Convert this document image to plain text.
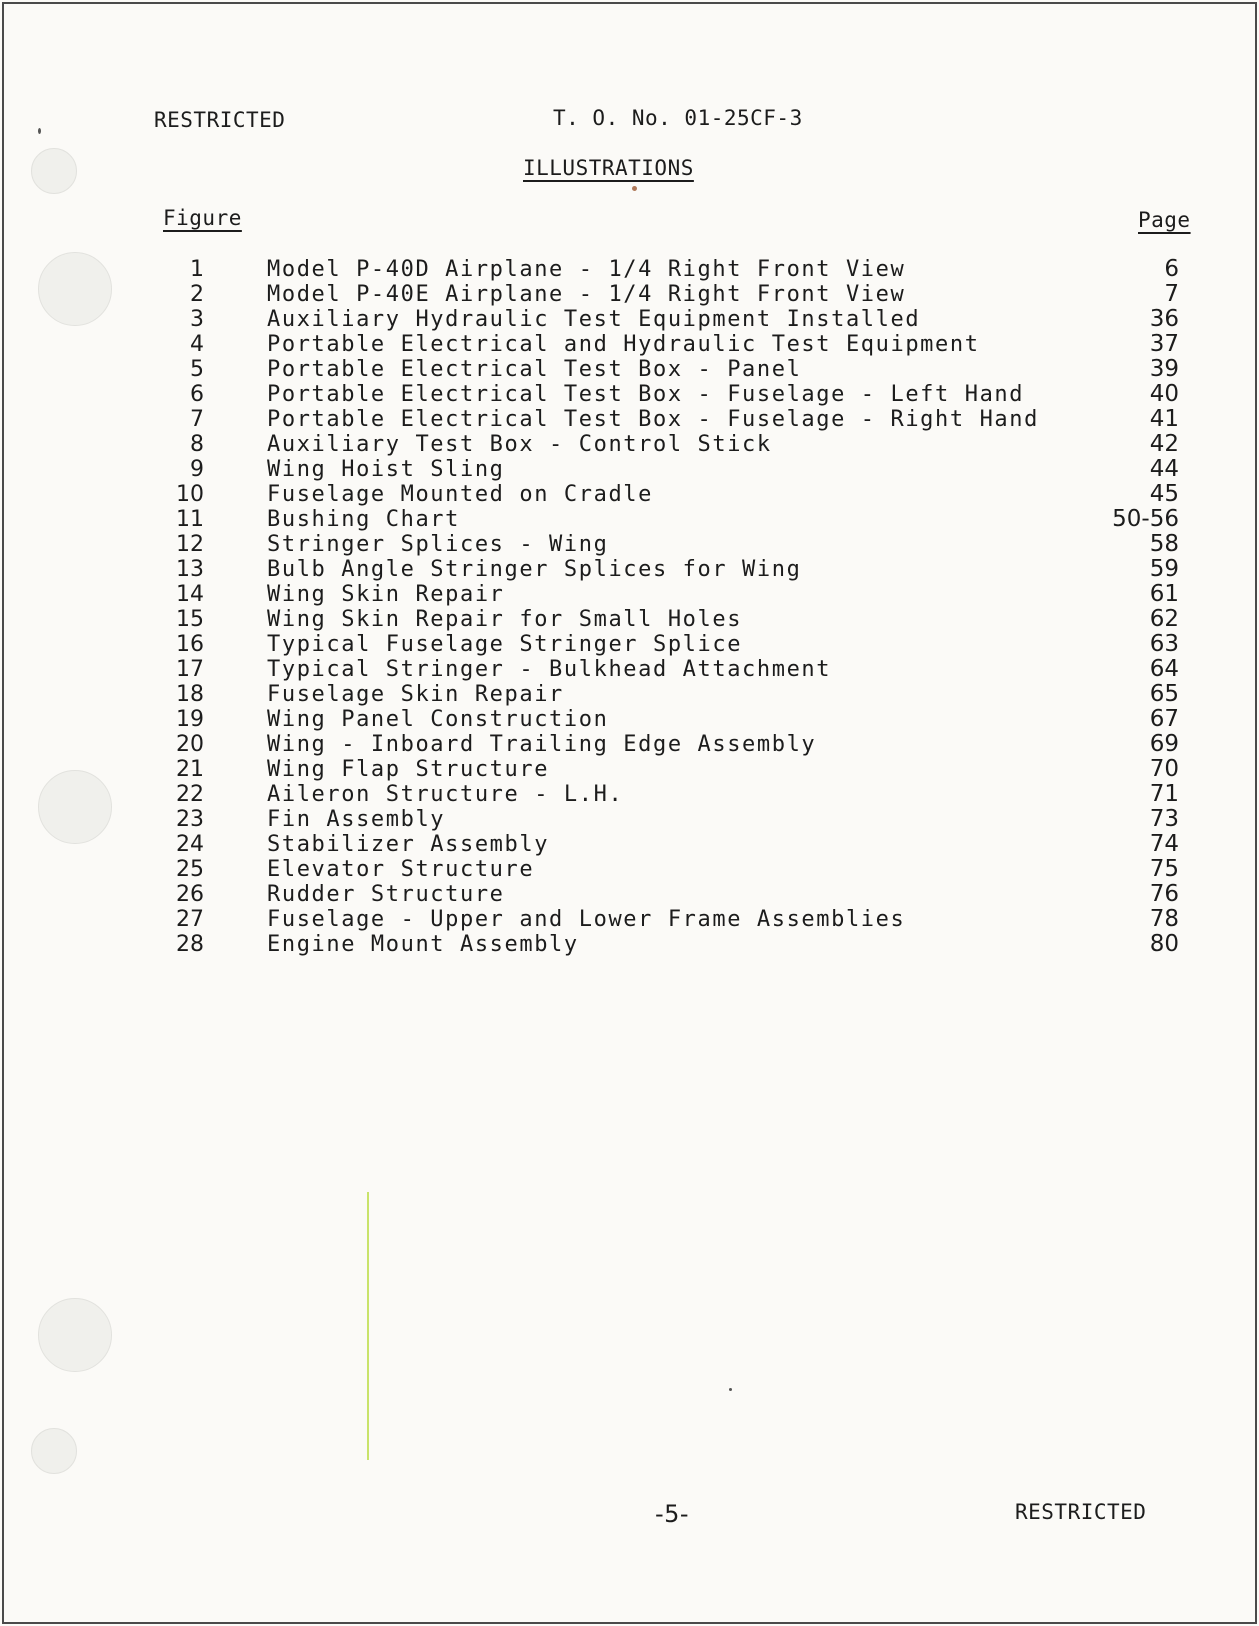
RESTRICTED	T. O. No. 01-25CF-3
ILLUSTRATIONS
Figure	Page
1	Model P-40D Airplane - 1/4 Right Front View	6
2	Model P-40E Airplane - 1/4 Right Front View	7
3	Auxiliary Hydraulic Test Equipment Installed	36
4	Portable Electrical and Hydraulic Test Equipment	37
5	Portable Electrical Test Box - Panel	39
6	Portable Electrical Test Box - Fuselage - Left Hand	40
7	Portable Electrical Test Box - Fuselage - Right Hand	41
8	Auxiliary Test Box - Control Stick	42
9	Wing Hoist Sling	44
10	Fuselage Mounted on Cradle	45
11	Bushing Chart	50-56
12	Stringer Splices - Wing	58
13	Bulb Angle Stringer Splices for Wing	59
14	Wing Skin Repair	61
15	Wing Skin Repair for Small Holes	62
16	Typical Fuselage Stringer Splice	63
17	Typical Stringer - Bulkhead Attachment	64
18	Fuselage Skin Repair	65
19	Wing Panel Construction	67
20	Wing - Inboard Trailing Edge Assembly	69
21	Wing Flap Structure	70
22	Aileron Structure - L.H.	71
23	Fin Assembly	73
24	Stabilizer Assembly	74
25	Elevator Structure	75
26	Rudder Structure	76
27	Fuselage - Upper and Lower Frame Assemblies	78
28	Engine Mount Assembly	80
-5-	RESTRICTED
